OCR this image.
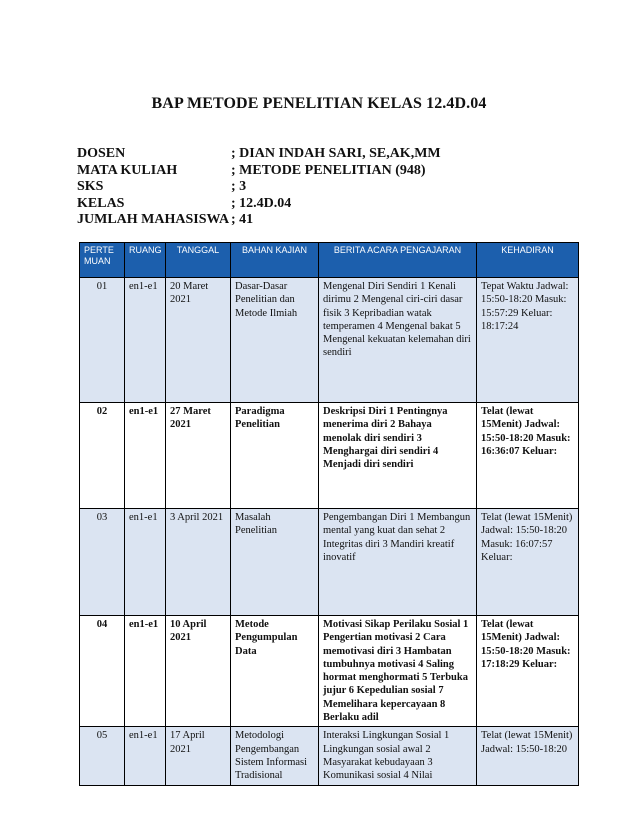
BAP METODE PENELITIAN KELAS 12.4D.04
DOSEN	; DIAN INDAH SARI, SE,AK,MM
MATA KULIAH	; METODE PENELITIAN (948)
SKS	; 3
KELAS	; 12.4D.04
JUMLAH MAHASISWA ; 41
PERTE MUAN	RUANG	TANGGAL	BAHAN KAJIAN	BERITA ACARA PENGAJARAN	KEHADIRAN
01	en1-e1	20 Maret 2021	Dasar-Dasar Penelitian dan Metode Ilmiah	Mengenal Diri Sendiri 1 Kenali dirimu 2 Mengenal ciri-ciri dasar fisik 3 Kepribadian watak temperamen 4 Mengenal bakat 5 Mengenal kekuatan kelemahan diri sendiri	Tepat Waktu Jadwal: 15:50-18:20 Masuk: 15:57:29 Keluar: 18:17:24
02	en1-e1	27 Maret 2021	Paradigma Penelitian	Deskripsi Diri 1 Pentingnya menerima diri 2 Bahaya menolak diri sendiri 3 Menghargai diri sendiri 4 Menjadi diri sendiri	Telat (lewat 15Menit) Jadwal: 15:50-18:20 Masuk: 16:36:07 Keluar:
03	en1-e1	3 April 2021	Masalah Penelitian	Pengembangan Diri 1 Membangun mental yang kuat dan sehat 2 Integritas diri 3 Mandiri kreatif inovatif	Telat (lewat 15Menit) Jadwal: 15:50-18:20 Masuk: 16:07:57 Keluar:
04	en1-e1	10 April 2021	Metode Pengumpulan Data	Motivasi Sikap Perilaku Sosial 1 Pengertian motivasi 2 Cara memotivasi diri 3 Hambatan tumbuhnya motivasi 4 Saling hormat menghormati 5 Terbuka jujur 6 Kepedulian sosial 7 Memelihara kepercayaan 8 Berlaku adil	Telat (lewat 15Menit) Jadwal: 15:50-18:20 Masuk: 17:18:29 Keluar:
05	en1-e1	17 April 2021	Metodologi Pengembangan Sistem Informasi Tradisional	Interaksi Lingkungan Sosial 1 Lingkungan sosial awal 2 Masyarakat kebudayaan 3 Komunikasi sosial 4 Nilai	Telat (lewat 15Menit) Jadwal: 15:50-18:20
